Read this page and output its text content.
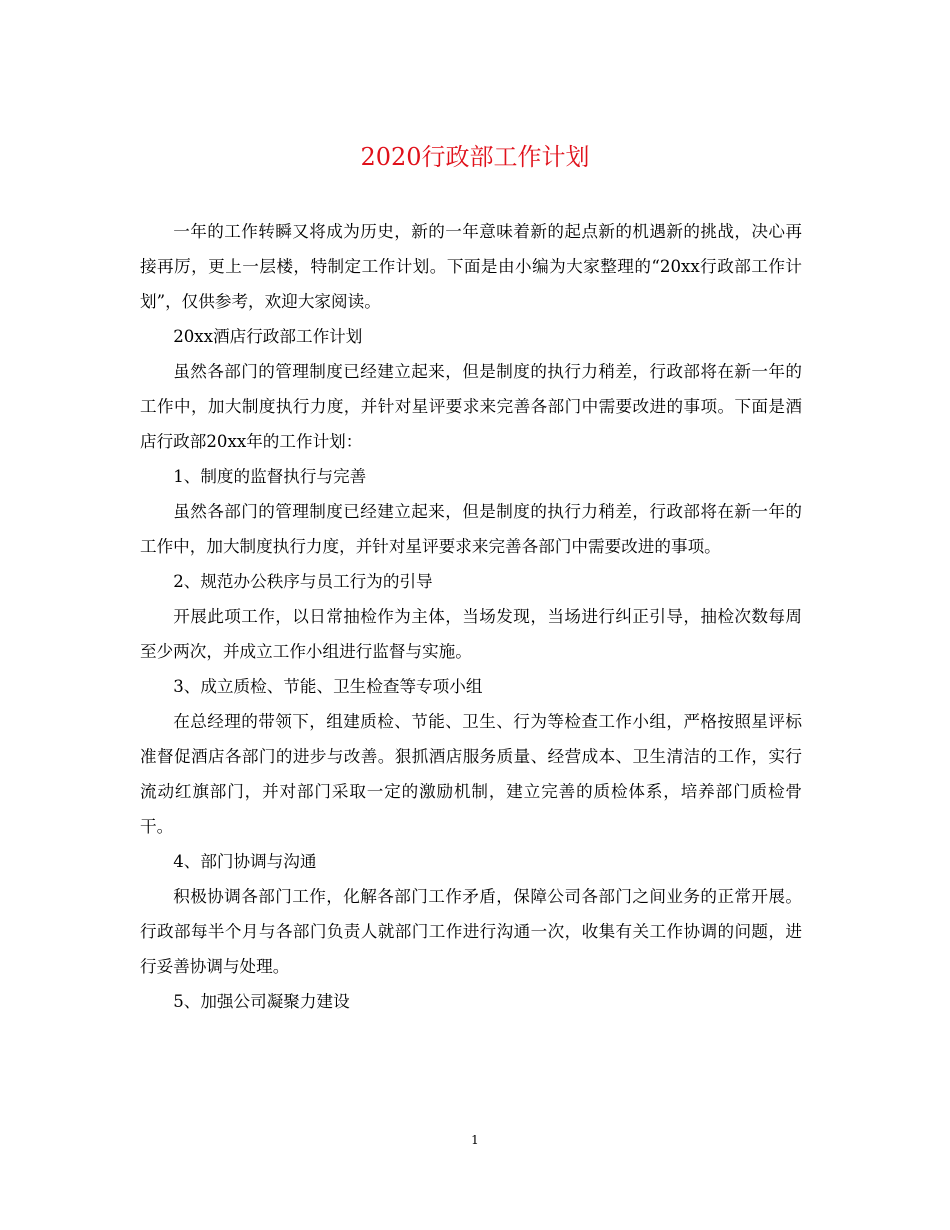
2020行政部工作计划

一年的工作转瞬又将成为历史，新的一年意味着新的起点新的机遇新的挑战，决心再接再厉，更上一层楼，特制定工作计划。下面是由小编为大家整理的“20xx行政部工作计划”，仅供参考，欢迎大家阅读。

20xx酒店行政部工作计划

虽然各部门的管理制度已经建立起来，但是制度的执行力稍差，行政部将在新一年的工作中，加大制度执行力度，并针对星评要求来完善各部门中需要改进的事项。下面是酒店行政部20xx年的工作计划：

1、制度的监督执行与完善

虽然各部门的管理制度已经建立起来，但是制度的执行力稍差，行政部将在新一年的工作中，加大制度执行力度，并针对星评要求来完善各部门中需要改进的事项。

2、规范办公秩序与员工行为的引导

开展此项工作，以日常抽检作为主体，当场发现，当场进行纠正引导，抽检次数每周至少两次，并成立工作小组进行监督与实施。

3、成立质检、节能、卫生检查等专项小组

在总经理的带领下，组建质检、节能、卫生、行为等检查工作小组，严格按照星评标准督促酒店各部门的进步与改善。狠抓酒店服务质量、经营成本、卫生清洁的工作，实行流动红旗部门，并对部门采取一定的激励机制，建立完善的质检体系，培养部门质检骨干。

4、部门协调与沟通

积极协调各部门工作，化解各部门工作矛盾，保障公司各部门之间业务的正常开展。行政部每半个月与各部门负责人就部门工作进行沟通一次，收集有关工作协调的问题，进行妥善协调与处理。

5、加强公司凝聚力建设

1
